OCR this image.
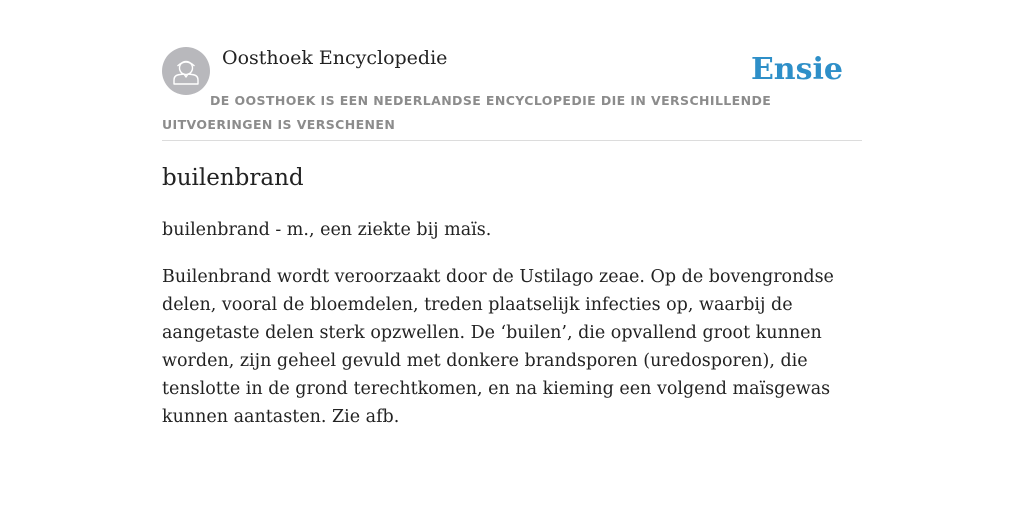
Oosthoek Encyclopedie	Ensie
DE OOSTHOEK IS EEN NEDERLANDSE ENCYCLOPEDIE DIE IN VERSCHILLENDE UITVOERINGEN IS VERSCHENEN
builenbrand

builenbrand - m., een ziekte bij maïs.

Builenbrand wordt veroorzaakt door de Ustilago zeae. Op de bovengrondse delen, vooral de bloemdelen, treden plaatselijk infecties op, waarbij de aangetaste delen sterk opzwellen. De ‘builen’, die opvallend groot kunnen worden, zijn geheel gevuld met donkere brandsporen (uredosporen), die tenslotte in de grond terechtkomen, en na kieming een volgend maïsgewas kunnen aantasten. Zie afb.
